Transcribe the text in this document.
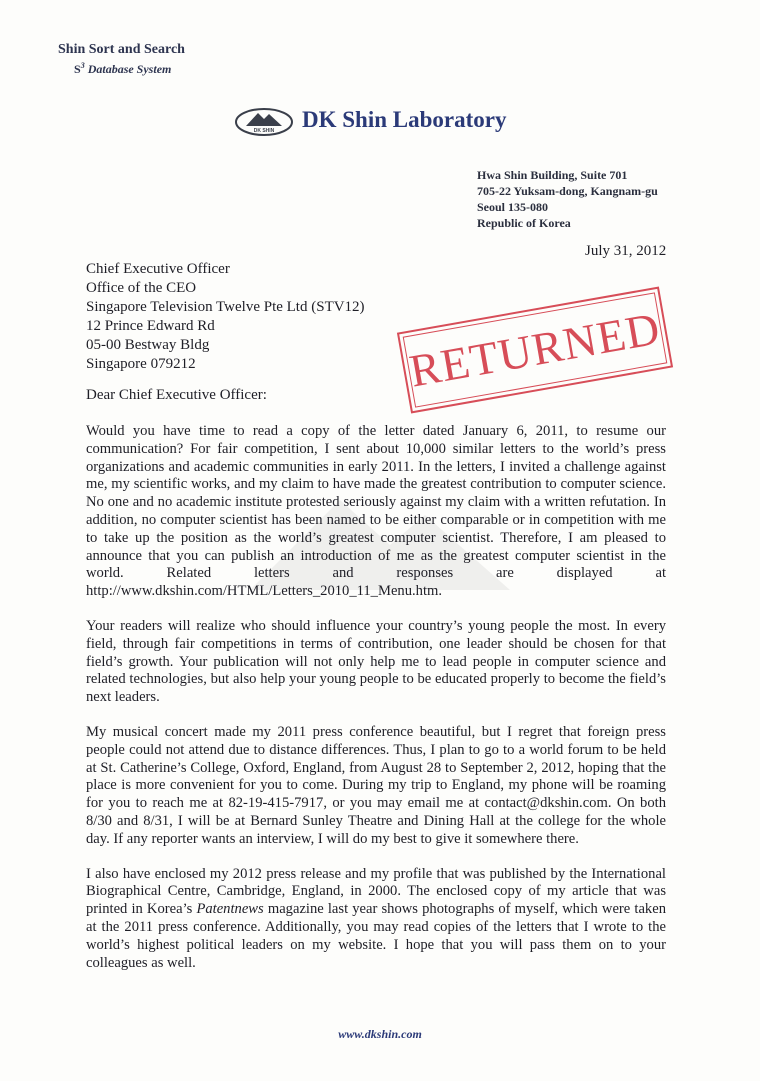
Shin Sort and Search
$S^3$ Database System
DK SHIN DK Shin Laboratory
Hwa Shin Building, Suite 701
705-22 Yuksam-dong, Kangnam-gu
Seoul 135-080
Republic of Korea
July 31, 2012
Chief Executive Officer
Office of the CEO
Singapore Television Twelve Pte Ltd (STV12)
12 Prince Edward Rd
05-00 Bestway Bldg
Singapore 079212	RETURNED
Dear Chief Executive Officer:

Would you have time to read a copy of the letter dated January 6, 2011, to resume our communication? For fair competition, I sent about 10,000 similar letters to the world’s press organizations and academic communities in early 2011. In the letters, I invited a challenge against me, my scientific works, and my claim to have made the greatest contribution to computer science. No one and no academic institute protested seriously against my claim with a written refutation. In addition, no computer scientist has been named to be either comparable or in competition with me to take up the position as the world’s greatest computer scientist. Therefore, I am pleased to announce that you can publish an introduction of me as the greatest computer scientist in the world. Related letters and responses are displayed at http://www.dkshin.com/HTML/Letters_2010_11_Menu.htm.

Your readers will realize who should influence your country’s young people the most. In every field, through fair competitions in terms of contribution, one leader should be chosen for that field’s growth. Your publication will not only help me to lead people in computer science and related technologies, but also help your young people to be educated properly to become the field’s next leaders.

My musical concert made my 2011 press conference beautiful, but I regret that foreign press people could not attend due to distance differences. Thus, I plan to go to a world forum to be held at St. Catherine’s College, Oxford, England, from August 28 to September 2, 2012, hoping that the place is more convenient for you to come. During my trip to England, my phone will be roaming for you to reach me at 82-19-415-7917, or you may email me at contact@dkshin.com. On both 8/30 and 8/31, I will be at Bernard Sunley Theatre and Dining Hall at the college for the whole day. If any reporter wants an interview, I will do my best to give it somewhere there.

I also have enclosed my 2012 press release and my profile that was published by the International Biographical Centre, Cambridge, England, in 2000. The enclosed copy of my article that was printed in Korea’s Patentnews magazine last year shows photographs of myself, which were taken at the 2011 press conference. Additionally, you may read copies of the letters that I wrote to the world’s highest political leaders on my website. I hope that you will pass them on to your colleagues as well.

www.dkshin.com
